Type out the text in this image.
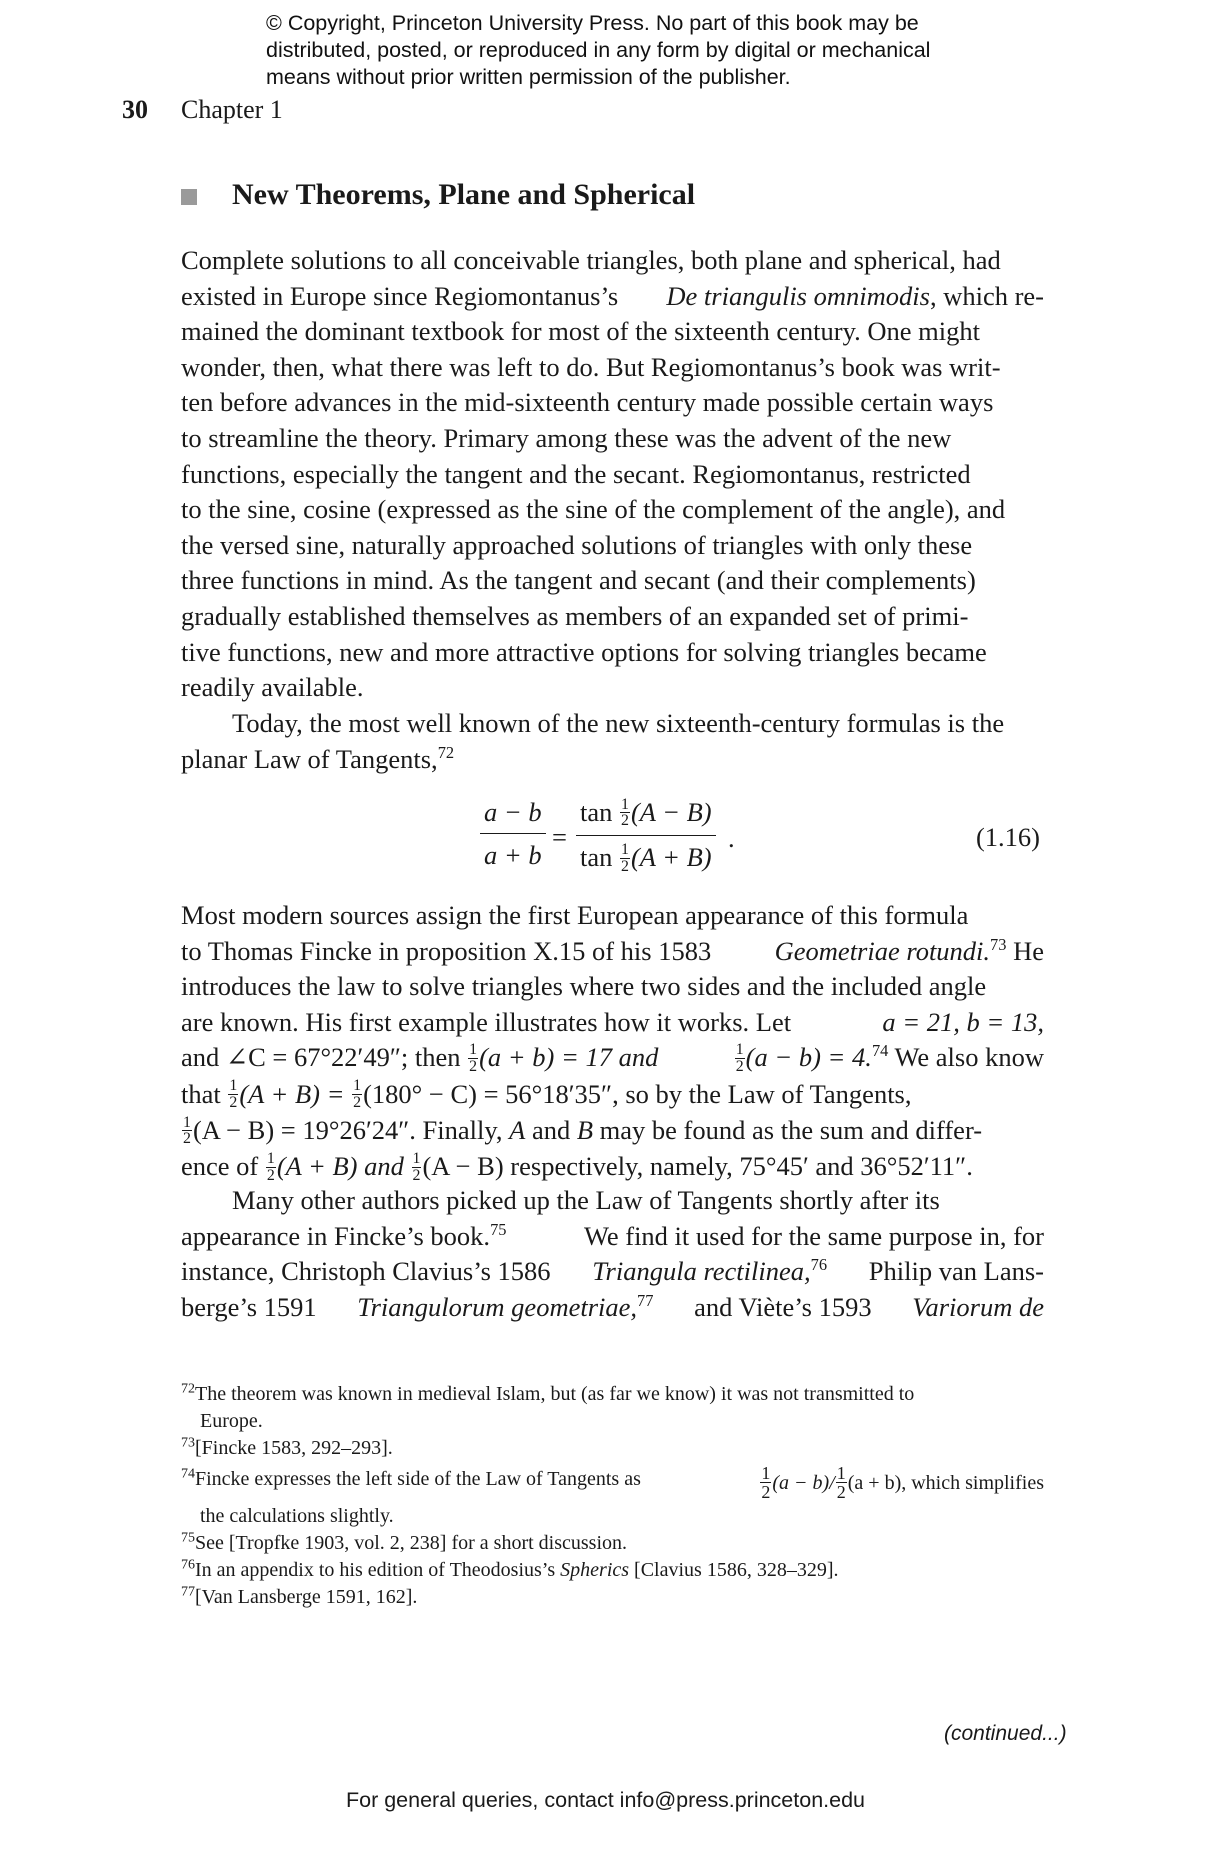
© Copyright, Princeton University Press. No part of this book may be
distributed, posted, or reproduced in any form by digital or mechanical
means without prior written permission of the publisher.
30 Chapter 1
New Theorems, Plane and Spherical
Complete solutions to all conceivable triangles, both plane and spherical, had
existed in Europe since Regiomontanus’s De triangulis omnimodis, which re-
mained the dominant textbook for most of the sixteenth century. One might
wonder, then, what there was left to do. But Regiomontanus’s book was writ-
ten before advances in the mid-sixteenth century made possible certain ways
to streamline the theory. Primary among these was the advent of the new
functions, especially the tangent and the secant. Regiomontanus, restricted
to the sine, cosine (expressed as the sine of the complement of the angle), and
the versed sine, naturally approached solutions of triangles with only these
three functions in mind. As the tangent and secant (and their complements)
gradually established themselves as members of an expanded set of primi-
tive functions, new and more attractive options for solving triangles became
readily available.
Today, the most well known of the new sixteenth-century formulas is the
planar Law of Tangents,$^{72}$
a − b
a + b
=
$\tan \frac{1}{2} (A - B)$
$\tan \frac{1}{2} (A + B)$
.	(1.16)
Most modern sources assign the first European appearance of this formula
to Thomas Fincke in proposition X.15 of his 1583 Geometriae rotundi.$^{73}$ He
introduces the law to solve triangles where two sides and the included angle
are known. His first example illustrates how it works. Let	a = 21, b = 13,
and ∠C = 67°22′49″; then $\frac{1}{2} (a + b) = 17$ and	$\frac{1}{2} (a - b) = 4.74$ We also know
that $\frac{1}{2} (A + B) = \frac{1}{2} (180^\circ - C) = 56^\circ 18'35''$, so by the Law of Tangents,
$\frac{1}{2} (A - B) = 19^\circ 26'24''$. Finally, A and B may be found as the sum and differ-
ence of $\frac{1}{2} (A + B)$ and $\frac{1}{2} (A - B)$ respectively, namely, 75°45′ and 36°52′11″.
Many other authors picked up the Law of Tangents shortly after its
appearance in Fincke’s book.$^{75}$	We find it used for the same purpose in, for
instance, Christoph Clavius’s 1586 Triangula rectilinea,$^{76}$ Philip van Lans-
berge’s 1591 Triangulorum geometriae,$^{77}$ and Viète’s 1593 Variorum de
$^{72}$The theorem was known in medieval Islam, but (as far we know) it was not transmitted to
Europe.
$^{73}$[Fincke 1583, 292–293].
$^{74}$Fincke expresses the left side of the Law of Tangents as	$\frac{1}{2} (a - b)/ \frac{1}{2} (a + b)$, which simplifies
the calculations slightly.
$^{75}$See [Tropfke 1903, vol. 2, 238] for a short discussion.
$^{76}$In an appendix to his edition of Theodosius’s Spherics [Clavius 1586, 328–329].
$^{77}$[Van Lansberge 1591, 162].
(continued...)
For general queries, contact info@press.princeton.edu
